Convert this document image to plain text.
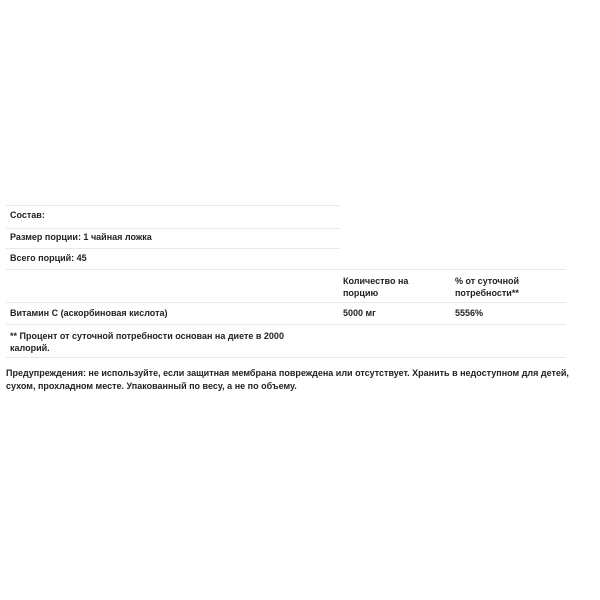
Состав:
Размер порции: 1 чайная ложка
Всего порций: 45
Количество на порцию
% от суточной потребности**
Витамин C (аскорбиновая кислота)	5000 мг	5556%
** Процент от суточной потребности основан на диете в 2000 калорий.
Предупреждения: не используйте, если защитная мембрана повреждена или отсутствует. Хранить в недоступном для детей, сухом, прохладном месте. Упакованный по весу, а не по объему.
